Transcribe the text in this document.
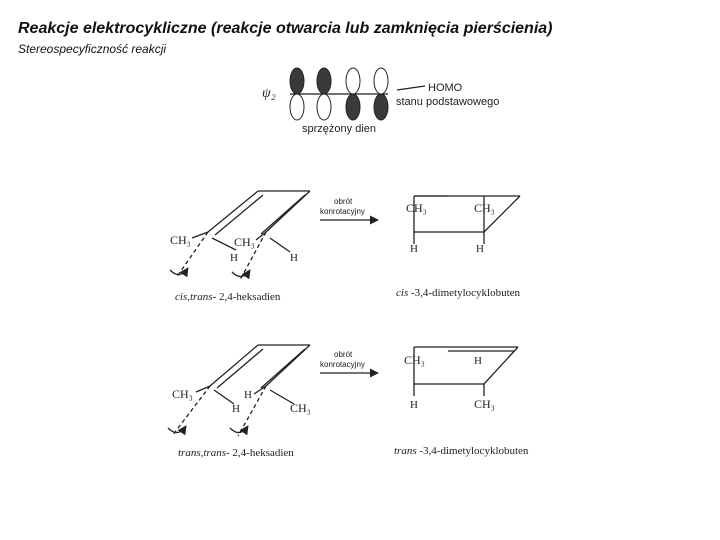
Reakcje elektrocykliczne (reakcje otwarcia lub zamknięcia pierścienia)
Stereospecyficzność reakcji
ψ₂	HOMO
stanu podstawowego
sprzężony dien
CH₃	CH₃
H	H
cis,trans- 2,4-heksadien
obrót
konrotacyjny	CH₃	CH₃
H	H
cis -3,4-dimetylocyklobuten
CH₃
H
H
CH₃
trans,trans- 2,4-heksadien
obrót
konrotacyjny	CH₃	H
H	CH₃
trans -3,4-dimetylocyklobuten
